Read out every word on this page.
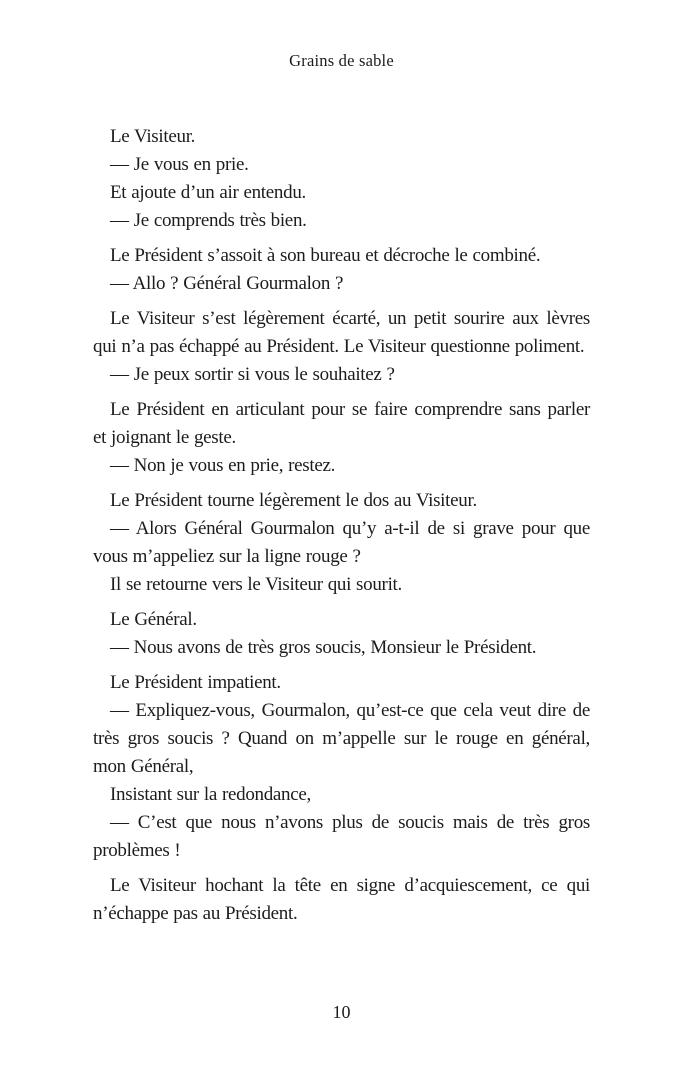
Grains de sable

Le Visiteur.

— Je vous en prie.

Et ajoute d’un air entendu.

— Je comprends très bien.

Le Président s’assoit à son bureau et décroche le combiné.

— Allo ? Général Gourmalon ?

Le Visiteur s’est légèrement écarté, un petit sourire aux lèvres qui n’a pas échappé au Président. Le Visiteur questionne poliment.

— Je peux sortir si vous le souhaitez ?

Le Président en articulant pour se faire comprendre sans parler et joignant le geste.

— Non je vous en prie, restez.

Le Président tourne légèrement le dos au Visiteur.

— Alors Général Gourmalon qu’y a-t-il de si grave pour que vous m’appeliez sur la ligne rouge ?

Il se retourne vers le Visiteur qui sourit.

Le Général.

— Nous avons de très gros soucis, Monsieur le Président.

Le Président impatient.

— Expliquez-vous, Gourmalon, qu’est-ce que cela veut dire de très gros soucis ? Quand on m’appelle sur le rouge en général, mon Général,

Insistant sur la redondance,

— C’est que nous n’avons plus de soucis mais de très gros problèmes !

Le Visiteur hochant la tête en signe d’acquiescement, ce qui n’échappe pas au Président.

10
